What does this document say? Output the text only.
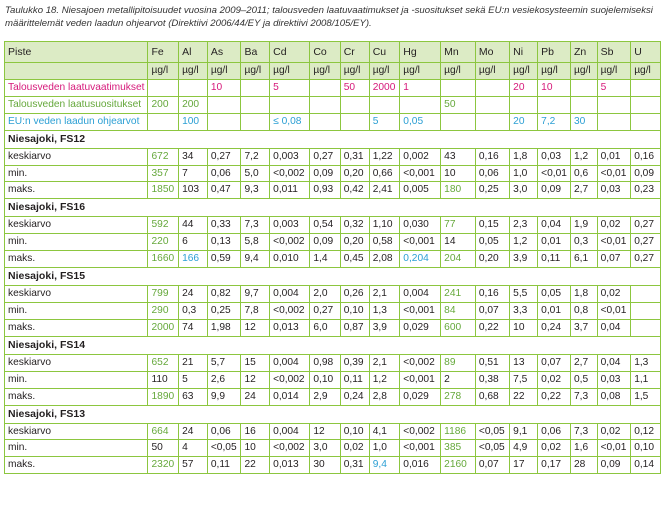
Taulukko 18. Niesajoen metallipitoisuudet vuosina 2009–2011; talousveden laatuvaatimukset ja -suositukset sekä EU:n vesiekosysteemin suojelemiseksi määrittelemät veden laadun ohjearvot (Direktiivi 2006/44/EY ja direktiivi 2008/105/EY).
Piste	Fe	Al	As	Ba	Cd	Co	Cr	Cu	Hg	Mn	Mo	Ni	Pb	Zn	Sb	U
	µg/l	µg/l	µg/l	µg/l	µg/l	µg/l	µg/l	µg/l	µg/l	µg/l	µg/l	µg/l	µg/l	µg/l	µg/l	µg/l
Talousveden laatuvaatimukset			10		5		50	2000	1			20	10		5	
Talousveden laatusuositukset	200	200								50						
EU:n veden laadun ohjearvot		100			≤ 0,08			5	0,05			20	7,2	30		
Niesajoki, FS12																
keskiarvo	672	34	0,27	7,2	0,003	0,27	0,31	1,22	0,002	43	0,16	1,8	0,03	1,2	0,01	0,16
min.	357	7	0,06	5,0	<0,002	0,09	0,20	0,66	<0,001	10	0,06	1,0	<0,01	0,6	<0,01	0,09
maks.	1850	103	0,47	9,3	0,011	0,93	0,42	2,41	0,005	180	0,25	3,0	0,09	2,7	0,03	0,23
Niesajoki, FS16																
keskiarvo	592	44	0,33	7,3	0,003	0,54	0,32	1,10	0,030	77	0,15	2,3	0,04	1,9	0,02	0,27
min.	220	6	0,13	5,8	<0,002	0,09	0,20	0,58	<0,001	14	0,05	1,2	0,01	0,3	<0,01	0,27
maks.	1660	166	0,59	9,4	0,010	1,4	0,45	2,08	0,204	204	0,20	3,9	0,11	6,1	0,07	0,27
Niesajoki, FS15																
keskiarvo	799	24	0,82	9,7	0,004	2,0	0,26	2,1	0,004	241	0,16	5,5	0,05	1,8	0,02	
min.	290	0,3	0,25	7,8	<0,002	0,27	0,10	1,3	<0,001	84	0,07	3,3	0,01	0,8	<0,01	
maks.	2000	74	1,98	12	0,013	6,0	0,87	3,9	0,029	600	0,22	10	0,24	3,7	0,04	
Niesajoki, FS14																
keskiarvo	652	21	5,7	15	0,004	0,98	0,39	2,1	<0,002	89	0,51	13	0,07	2,7	0,04	1,3
min.	110	5	2,6	12	<0,002	0,10	0,11	1,2	<0,001	2	0,38	7,5	0,02	0,5	0,03	1,1
maks.	1890	63	9,9	24	0,014	2,9	0,24	2,8	0,029	278	0,68	22	0,22	7,3	0,08	1,5
Niesajoki, FS13																
keskiarvo	664	24	0,06	16	0,004	12	0,10	4,1	<0,002	1186	<0,05	9,1	0,06	7,3	0,02	0,12
min.	50	4	<0,05	10	<0,002	3,0	0,02	1,0	<0,001	385	<0,05	4,9	0,02	1,6	<0,01	0,10
maks.	2320	57	0,11	22	0,013	30	0,31	9,4	0,016	2160	0,07	17	0,17	28	0,09	0,14
